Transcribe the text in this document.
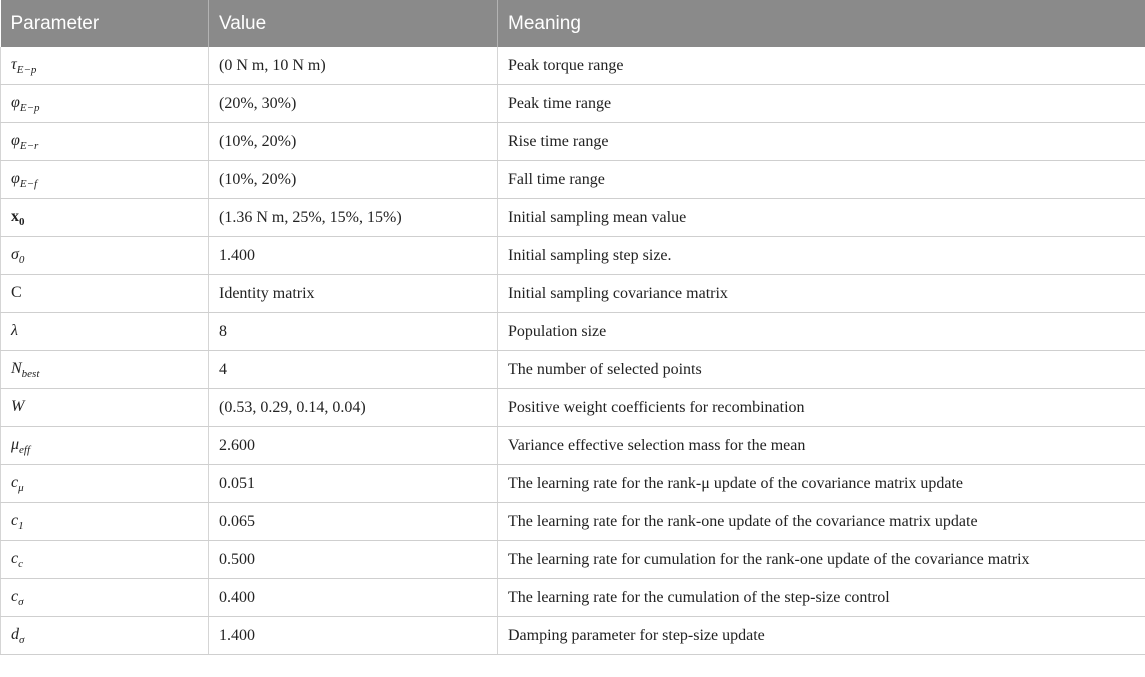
Parameter	Value	Meaning
$\tau_{E-p}$	(0 N m, 10 N m)	Peak torque range
$\varphi_{E-p}$	(20%, 30%)	Peak time range
$\varphi_{E-r}$	(10%, 20%)	Rise time range
$\varphi_{E-f}$	(10%, 20%)	Fall time range
$x_0$	(1.36 N m, 25%, 15%, 15%)	Initial sampling mean value
$\sigma_0$	1.400	Initial sampling step size.
C	Identity matrix	Initial sampling covariance matrix
λ	8	Population size
$N_{best}$	4	The number of selected points
W	(0.53, 0.29, 0.14, 0.04)	Positive weight coefficients for recombination
$\mu_{eff}$	2.600	Variance effective selection mass for the mean
$c_\mu$	0.051	The learning rate for the rank-μ update of the covariance matrix update
$c_1$	0.065	The learning rate for the rank-one update of the covariance matrix update
$c_c$	0.500	The learning rate for cumulation for the rank-one update of the covariance matrix
$c_\sigma$	0.400	The learning rate for the cumulation of the step-size control
$d_\sigma$	1.400	Damping parameter for step-size update
